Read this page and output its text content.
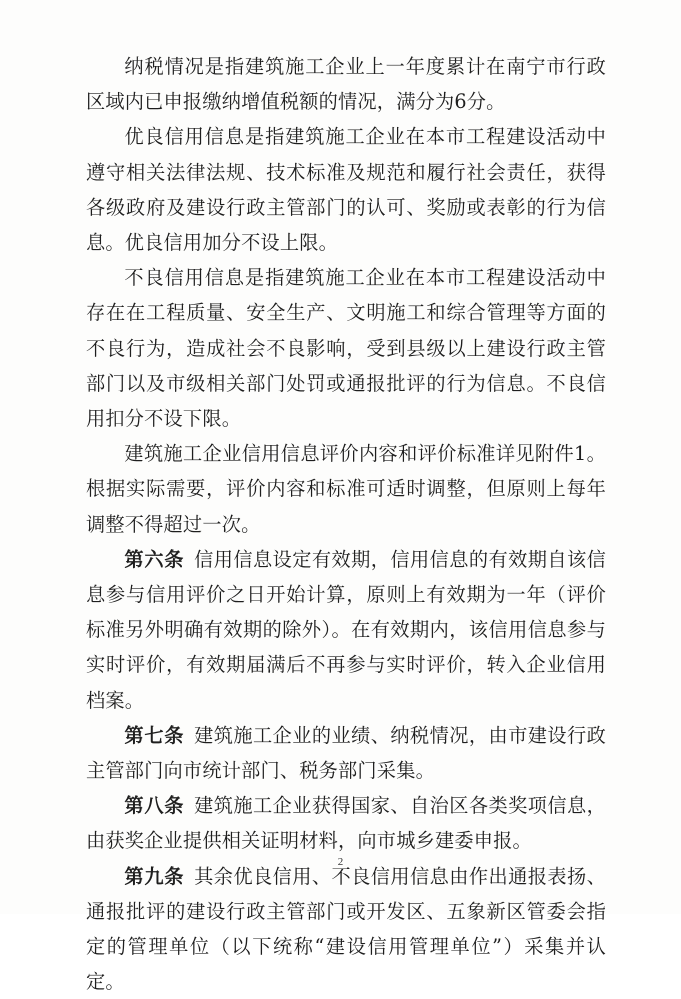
纳税情况是指建筑施工企业上一年度累计在南宁市行政区域内已申报缴纳增值税额的情况，满分为6分。

优良信用信息是指建筑施工企业在本市工程建设活动中遵守相关法律法规、技术标准及规范和履行社会责任，获得各级政府及建设行政主管部门的认可、奖励或表彰的行为信息。优良信用加分不设上限。

不良信用信息是指建筑施工企业在本市工程建设活动中存在在工程质量、安全生产、文明施工和综合管理等方面的不良行为，造成社会不良影响，受到县级以上建设行政主管部门以及市级相关部门处罚或通报批评的行为信息。不良信用扣分不设下限。

建筑施工企业信用信息评价内容和评价标准详见附件1。根据实际需要，评价内容和标准可适时调整，但原则上每年调整不得超过一次。

第六条 信用信息设定有效期，信用信息的有效期自该信息参与信用评价之日开始计算，原则上有效期为一年（评价标准另外明确有效期的除外）。在有效期内，该信用信息参与实时评价，有效期届满后不再参与实时评价，转入企业信用档案。

第七条 建筑施工企业的业绩、纳税情况，由市建设行政主管部门向市统计部门、税务部门采集。

第八条 建筑施工企业获得国家、自治区各类奖项信息，由获奖企业提供相关证明材料，向市城乡建委申报。

第九条 其余优良信用、不良信用信息由作出通报表扬、通报批评的建设行政主管部门或开发区、五象新区管委会指定的管理单位（以下统称“建设信用管理单位”）采集并认定。

2
